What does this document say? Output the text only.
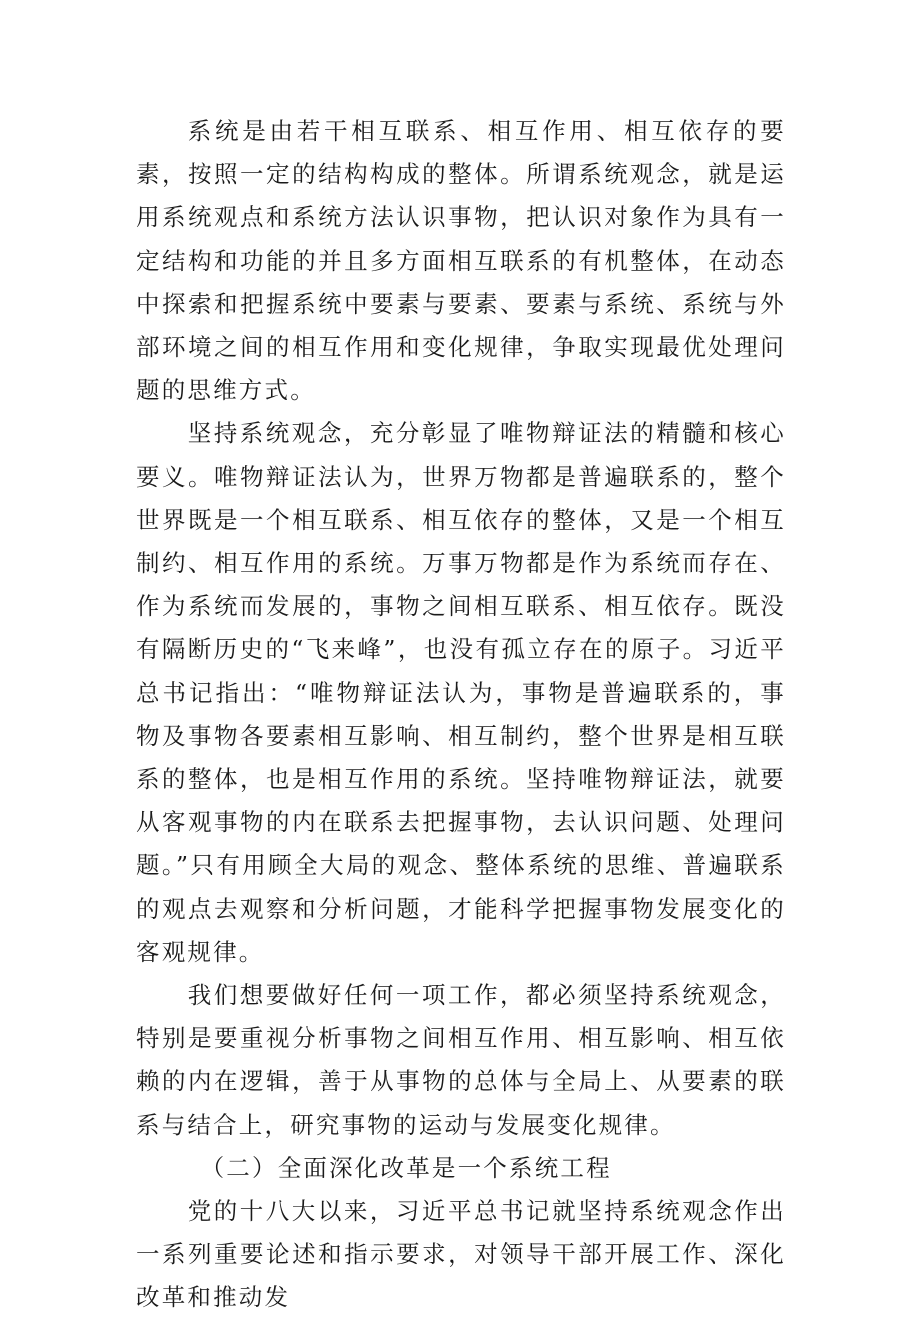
系统是由若干相互联系、相互作用、相互依存的要素，按照一定的结构构成的整体。所谓系统观念，就是运用系统观点和系统方法认识事物，把认识对象作为具有一定结构和功能的并且多方面相互联系的有机整体，在动态中探索和把握系统中要素与要素、要素与系统、系统与外部环境之间的相互作用和变化规律，争取实现最优处理问题的思维方式。

坚持系统观念，充分彰显了唯物辩证法的精髓和核心要义。唯物辩证法认为，世界万物都是普遍联系的，整个世界既是一个相互联系、相互依存的整体，又是一个相互制约、相互作用的系统。万事万物都是作为系统而存在、作为系统而发展的，事物之间相互联系、相互依存。既没有隔断历史的“飞来峰”，也没有孤立存在的原子。习近平总书记指出：“唯物辩证法认为，事物是普遍联系的，事物及事物各要素相互影响、相互制约，整个世界是相互联系的整体，也是相互作用的系统。坚持唯物辩证法，就要从客观事物的内在联系去把握事物，去认识问题、处理问题。”只有用顾全大局的观念、整体系统的思维、普遍联系的观点去观察和分析问题，才能科学把握事物发展变化的客观规律。

我们想要做好任何一项工作，都必须坚持系统观念，特别是要重视分析事物之间相互作用、相互影响、相互依赖的内在逻辑，善于从事物的总体与全局上、从要素的联系与结合上，研究事物的运动与发展变化规律。

（二）全面深化改革是一个系统工程

党的十八大以来，习近平总书记就坚持系统观念作出一系列重要论述和指示要求，对领导干部开展工作、深化改革和推动发
